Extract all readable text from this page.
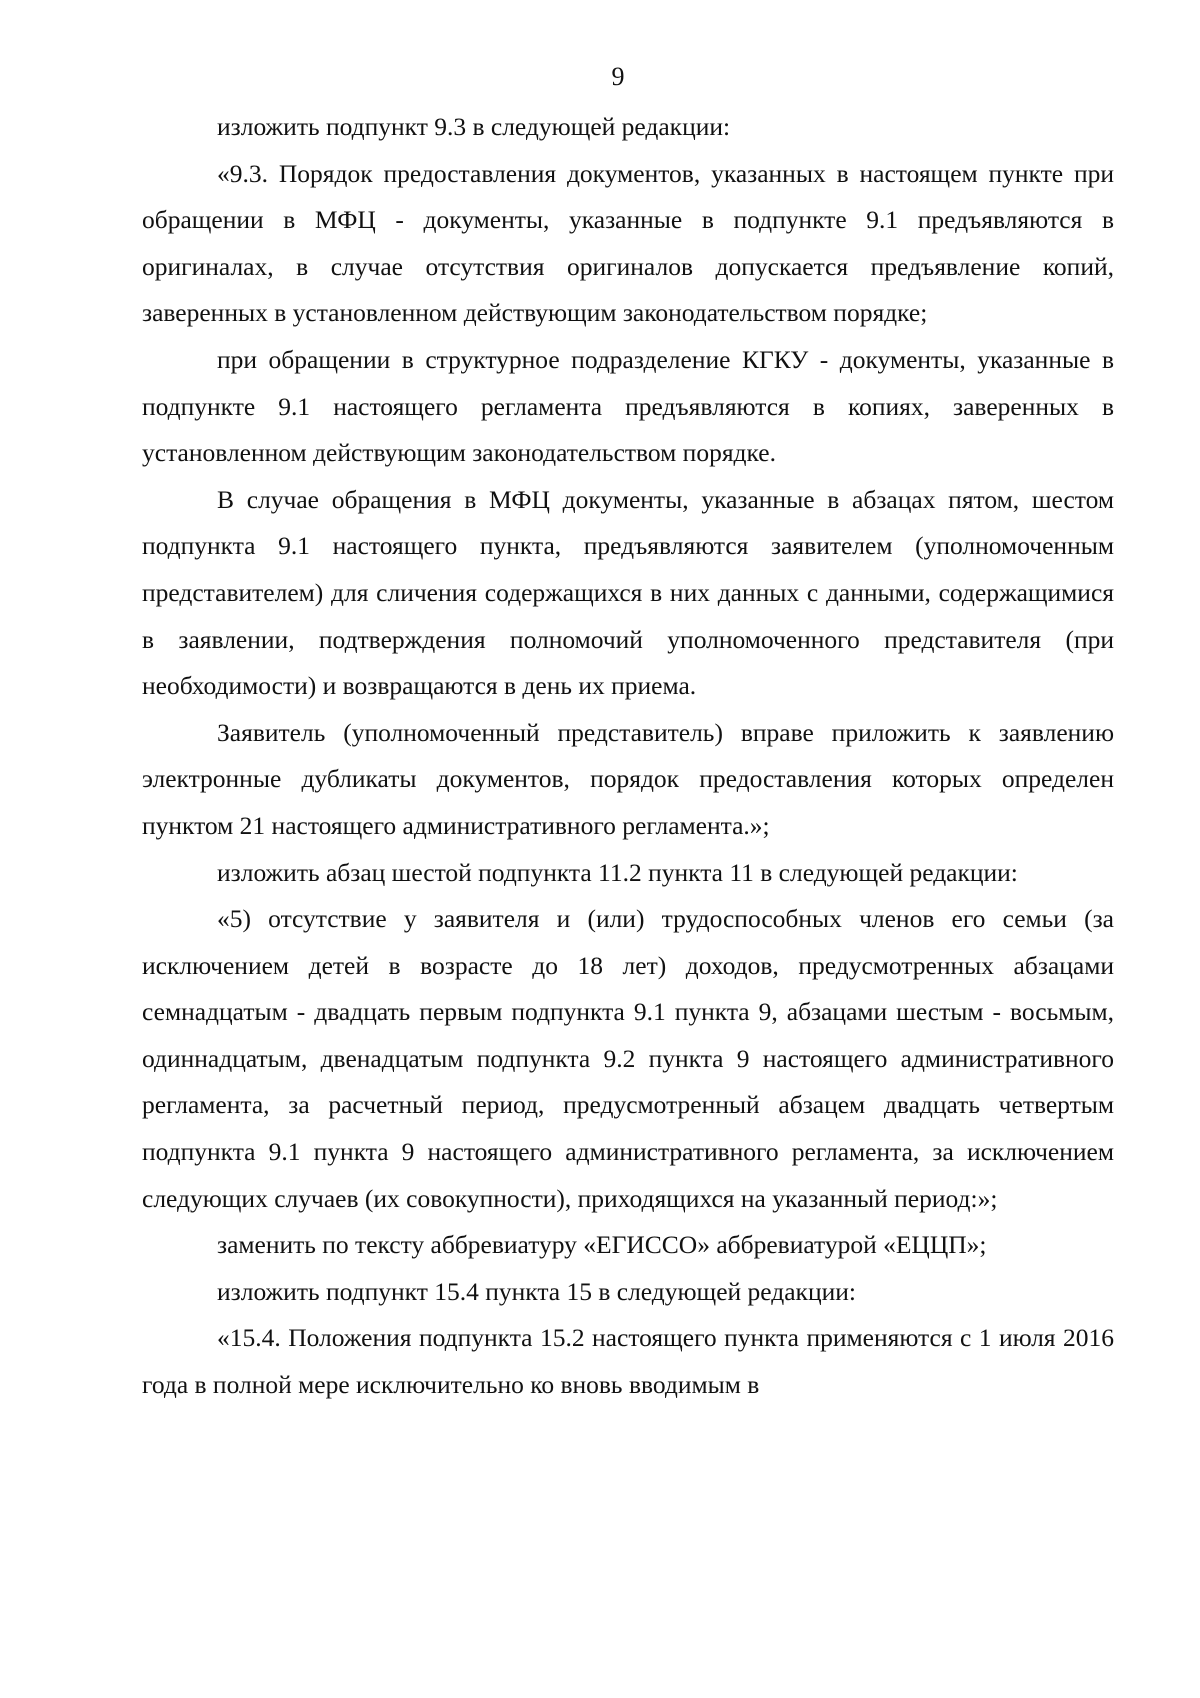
9

изложить подпункт 9.3 в следующей редакции:

«9.3. Порядок предоставления документов, указанных в настоящем пункте при обращении в МФЦ - документы, указанные в подпункте 9.1 предъявляются в оригиналах, в случае отсутствия оригиналов допускается предъявление копий, заверенных в установленном действующим законодательством порядке;

при обращении в структурное подразделение КГКУ - документы, указанные в подпункте 9.1 настоящего регламента предъявляются в копиях, заверенных в установленном действующим законодательством порядке.

В случае обращения в МФЦ документы, указанные в абзацах пятом, шестом подпункта 9.1 настоящего пункта, предъявляются заявителем (уполномоченным представителем) для сличения содержащихся в них данных с данными, содержащимися в заявлении, подтверждения полномочий уполномоченного представителя (при необходимости) и возвращаются в день их приема.

Заявитель (уполномоченный представитель) вправе приложить к заявлению электронные дубликаты документов, порядок предоставления которых определен пунктом 21 настоящего административного регламента.»;

изложить абзац шестой подпункта 11.2 пункта 11 в следующей редакции:

«5) отсутствие у заявителя и (или) трудоспособных членов его семьи (за исключением детей в возрасте до 18 лет) доходов, предусмотренных абзацами семнадцатым - двадцать первым подпункта 9.1 пункта 9, абзацами шестым - восьмым, одиннадцатым, двенадцатым подпункта 9.2 пункта 9 настоящего административного регламента, за расчетный период, предусмотренный абзацем двадцать четвертым подпункта 9.1 пункта 9 настоящего административного регламента, за исключением следующих случаев (их совокупности), приходящихся на указанный период:»;

заменить по тексту аббревиатуру «ЕГИССО» аббревиатурой «ЕЦЦП»;

изложить подпункт 15.4 пункта 15 в следующей редакции:

«15.4. Положения подпункта 15.2 настоящего пункта применяются с 1 июля 2016 года в полной мере исключительно ко вновь вводимым в
